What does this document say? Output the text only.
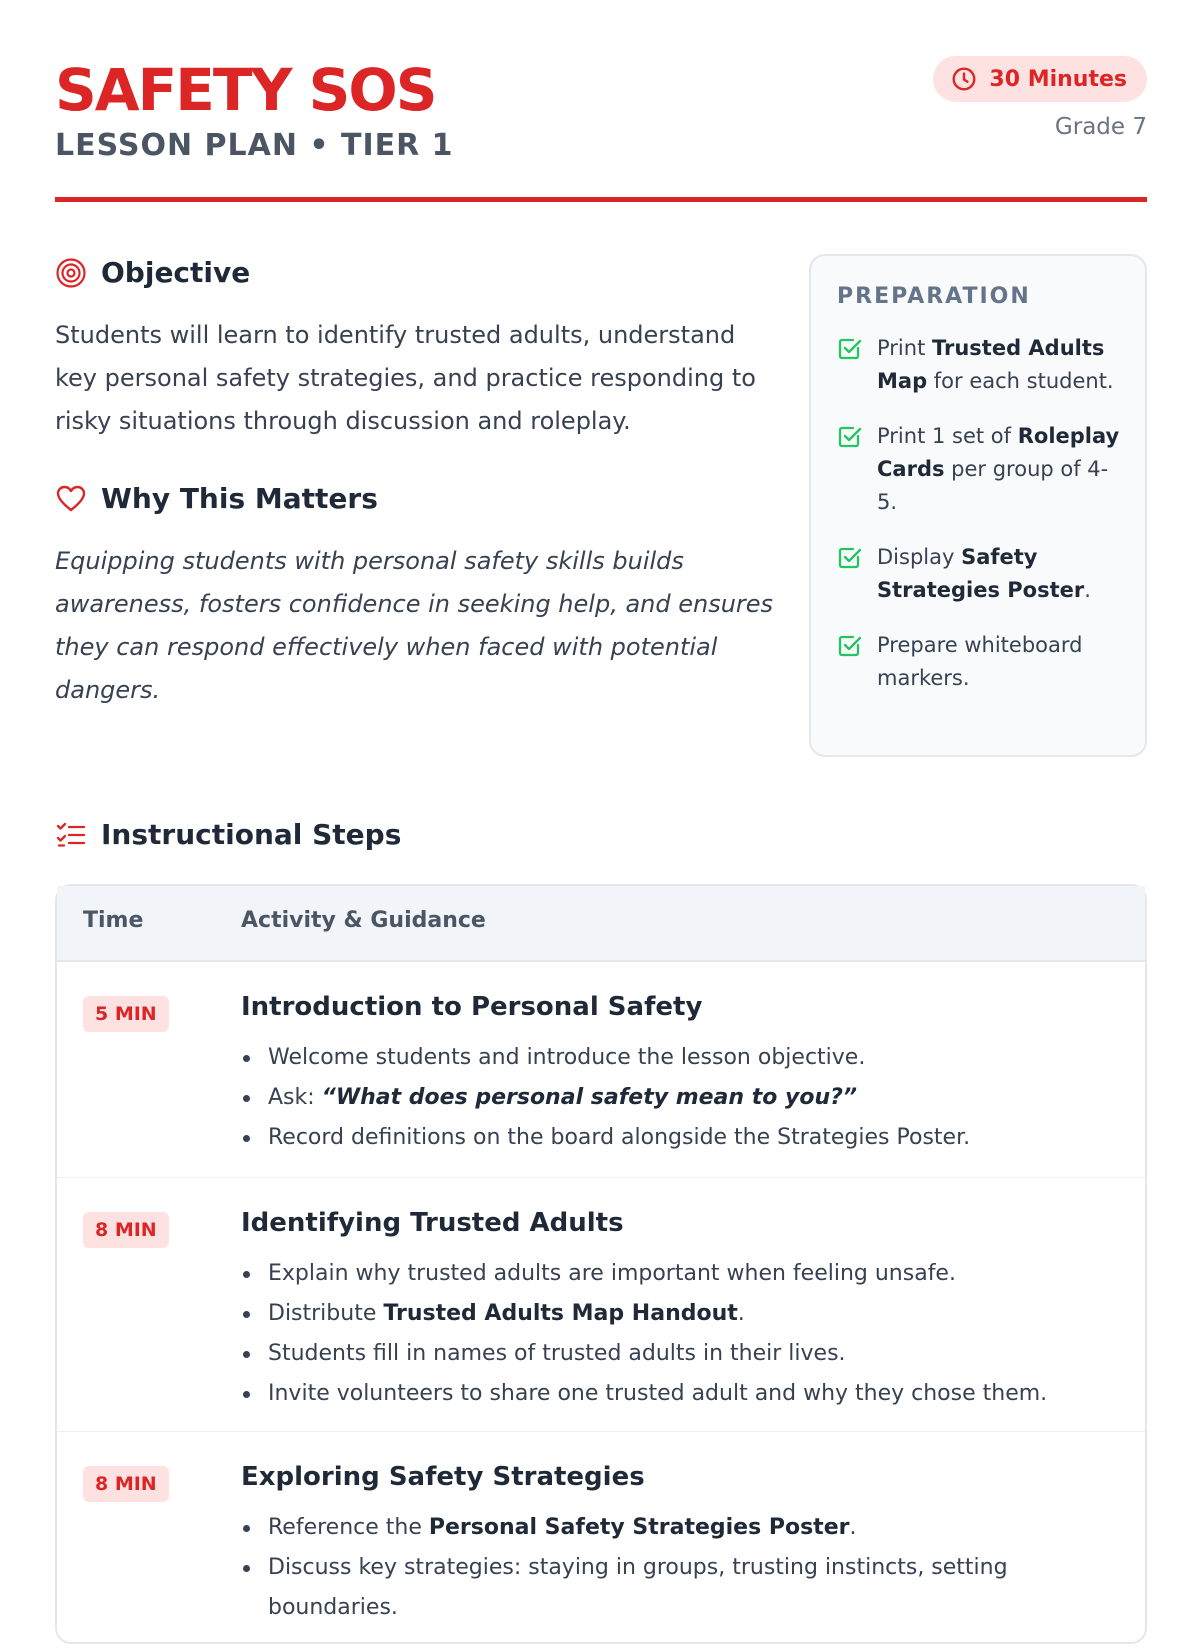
SAFETY SOS
LESSON PLAN • TIER 1
30 Minutes
Grade 7
Objective
Students will learn to identify trusted adults, understand key personal safety strategies, and practice responding to risky situations through discussion and roleplay.
Why This Matters
Equipping students with personal safety skills builds awareness, fosters confidence in seeking help, and ensures they can respond effectively when faced with potential dangers.
PREPARATION
Print Trusted Adults Map for each student.
Print 1 set of Roleplay Cards per group of 4-5.
Display Safety Strategies Poster.
Prepare whiteboard markers.
Instructional Steps
Time	Activity & Guidance
5 MIN	Introduction to Personal Safety
Welcome students and introduce the lesson objective.
Ask: “What does personal safety mean to you?”
Record definitions on the board alongside the Strategies Poster.
8 MIN	Identifying Trusted Adults
Explain why trusted adults are important when feeling unsafe.
Distribute Trusted Adults Map Handout.
Students fill in names of trusted adults in their lives.
Invite volunteers to share one trusted adult and why they chose them.
8 MIN	Exploring Safety Strategies
Reference the Personal Safety Strategies Poster.
Discuss key strategies: staying in groups, trusting instincts, setting boundaries.
